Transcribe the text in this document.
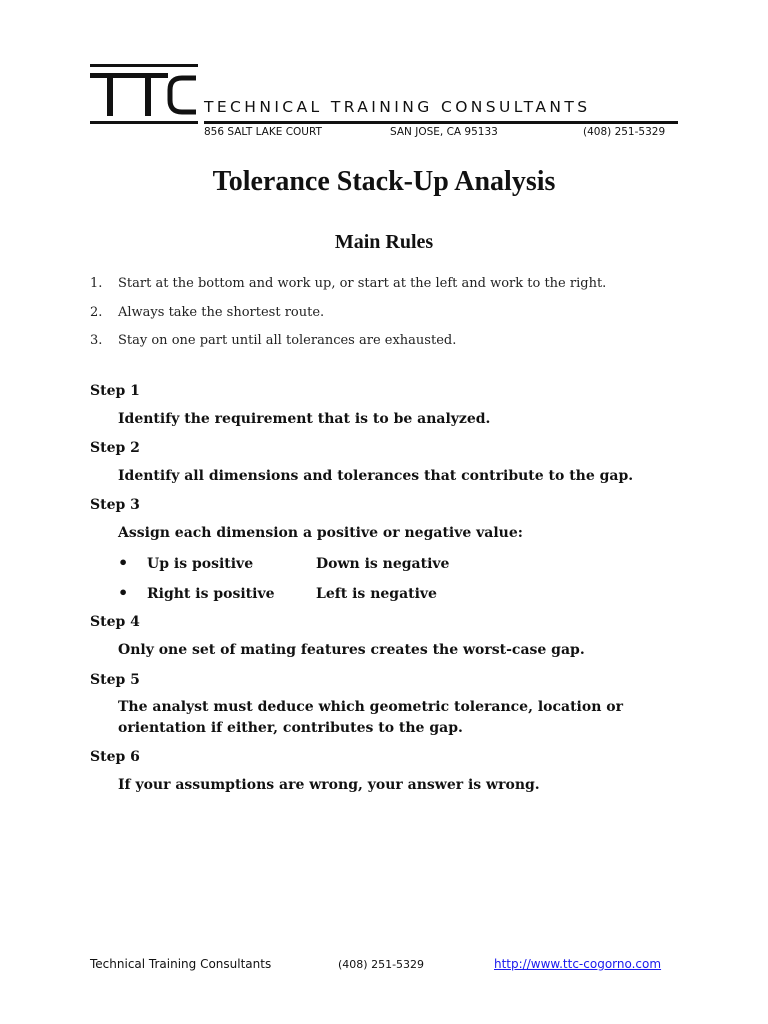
TECHNICAL TRAINING CONSULTANTS
856 SALT LAKE COURT	SAN JOSE, CA 95133	(408) 251-5329
Tolerance Stack-Up Analysis
Main Rules
1. Start at the bottom and work up, or start at the left and work to the right.
2. Always take the shortest route.
3. Stay on one part until all tolerances are exhausted.
Step 1
Identify the requirement that is to be analyzed.
Step 2
Identify all dimensions and tolerances that contribute to the gap.
Step 3
Assign each dimension a positive or negative value:
• Up is positive	Down is negative
• Right is positive	Left is negative
Step 4
Only one set of mating features creates the worst-case gap.
Step 5
The analyst must deduce which geometric tolerance, location or orientation if either, contributes to the gap.
Step 6
If your assumptions are wrong, your answer is wrong.
Technical Training Consultants	(408) 251-5329	http://www.ttc-cogorno.com
